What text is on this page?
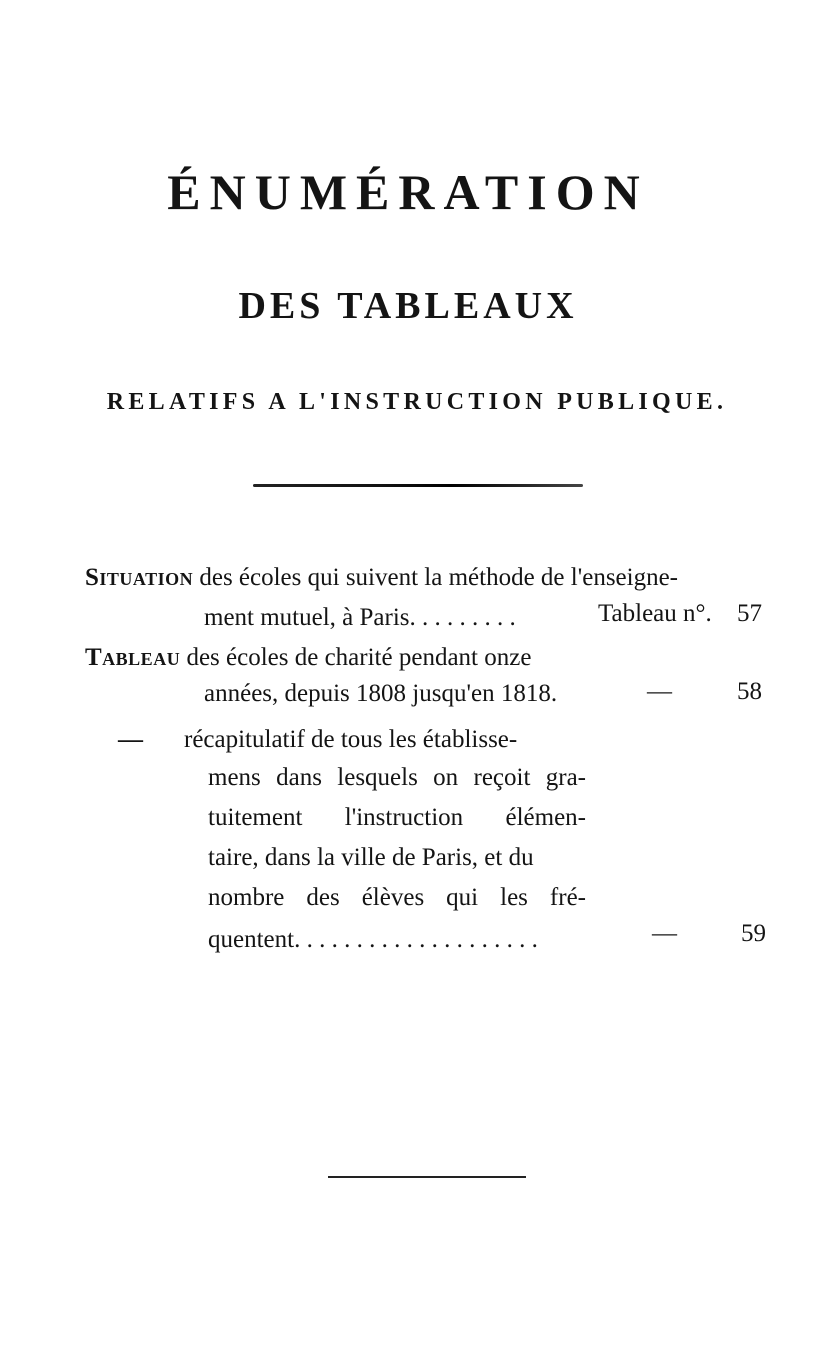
ÉNUMÉRATION
DES TABLEAUX
RELATIFS A L'INSTRUCTION PUBLIQUE.
Situation des écoles qui suivent la méthode de l'enseigne-
ment mutuel, à Paris. . . . . . . . .	Tableau n°.	57
Tableau des écoles de charité pendant onze
années, depuis 1808 jusqu'en 1818.	—	58
— récapitulatif de tous les établisse-
mens dans lesquels on reçoit gra-
tuitement l'instruction élémen-
taire, dans la ville de Paris, et du
nombre des élèves qui les fré-
quentent. . . . . . . . . . . . . . . . . . . .	—	59
